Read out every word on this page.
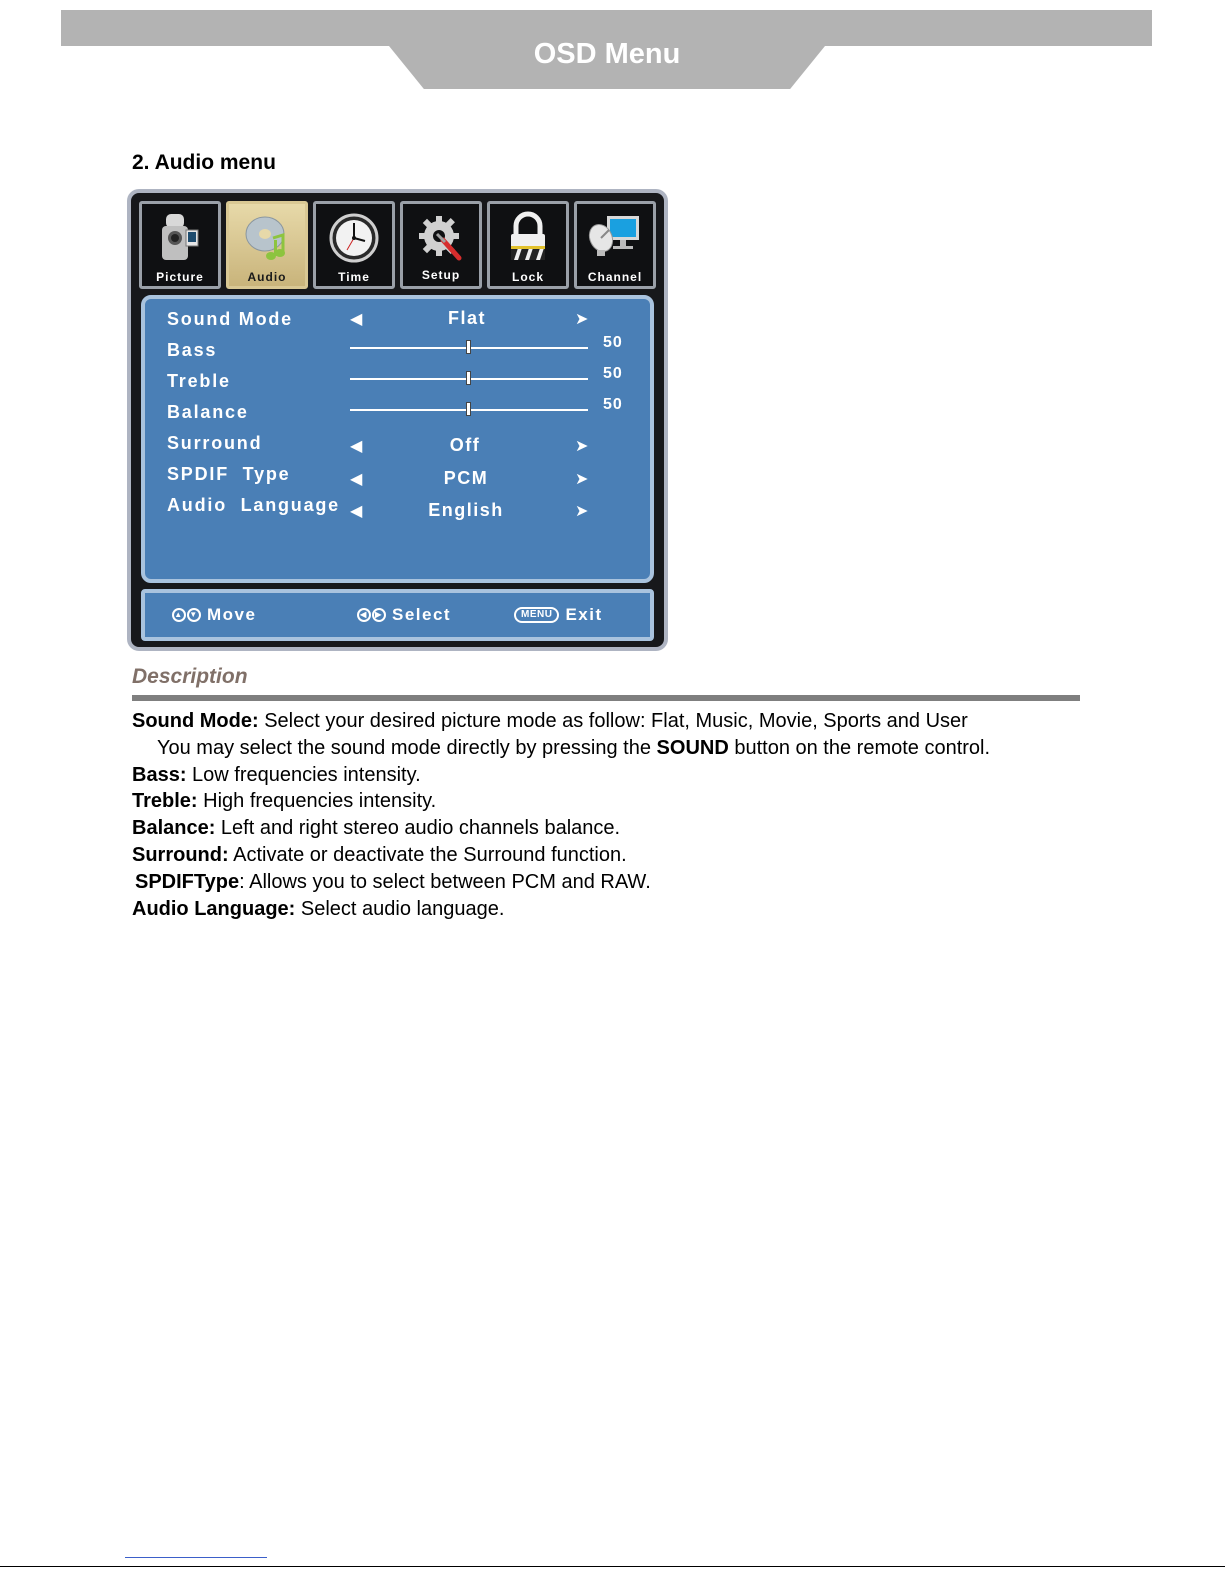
OSD Menu
2. Audio menu
Picture	Audio	Time	Setup	Lock	Channel
Sound Mode	◀	Flat	➤
Bass	50
Treble	50
Balance	50
Surround	◀	Off	➤
SPDIF  Type	◀	PCM	➤
Audio  Language ◀	English	➤
▲ ▼ Move	◀ ▶ Select	MENU Exit
Description

Sound Mode: Select your desired picture mode as follow: Flat, Music, Movie, Sports and User

You may select the sound mode directly by pressing the SOUND button on the remote control.

Bass: Low frequencies intensity.

Treble: High frequencies intensity.

Balance: Left and right stereo audio channels balance.

Surround: Activate or deactivate the Surround function.

SPDIFType: Allows you to select between PCM and RAW.

Audio Language: Select audio language.
